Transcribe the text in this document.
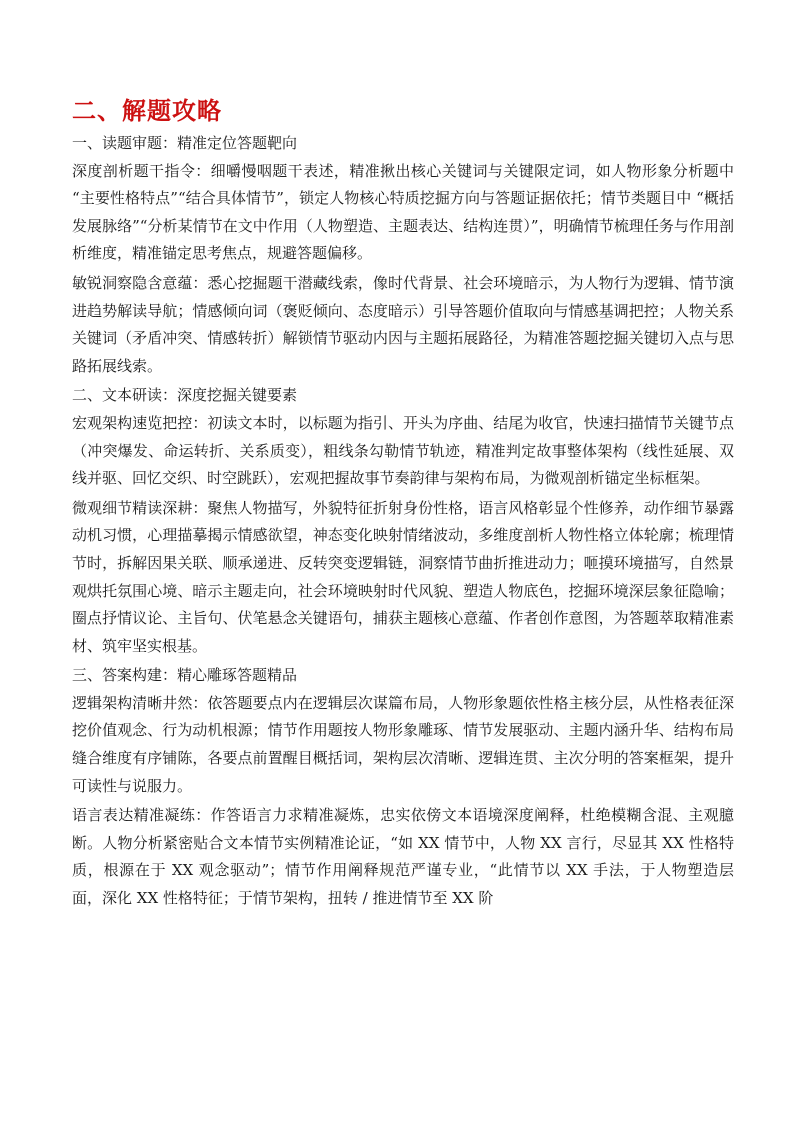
二、解题攻略
一、读题审题：精准定位答题靶向
深度剖析题干指令：细嚼慢咽题干表述，精准揪出核心关键词与关键限定词，如人物形象分析题中 “主要性格特点”“结合具体情节”，锁定人物核心特质挖掘方向与答题证据依托；情节类题目中 “概括发展脉络”“分析某情节在文中作用（人物塑造、主题表达、结构连贯）”，明确情节梳理任务与作用剖析维度，精准锚定思考焦点，规避答题偏移。
敏锐洞察隐含意蕴：悉心挖掘题干潜藏线索，像时代背景、社会环境暗示，为人物行为逻辑、情节演进趋势解读导航；情感倾向词（褒贬倾向、态度暗示）引导答题价值取向与情感基调把控；人物关系关键词（矛盾冲突、情感转折）解锁情节驱动内因与主题拓展路径，为精准答题挖掘关键切入点与思路拓展线索。
二、文本研读：深度挖掘关键要素
宏观架构速览把控：初读文本时，以标题为指引、开头为序曲、结尾为收官，快速扫描情节关键节点（冲突爆发、命运转折、关系质变），粗线条勾勒情节轨迹，精准判定故事整体架构（线性延展、双线并驱、回忆交织、时空跳跃），宏观把握故事节奏韵律与架构布局，为微观剖析锚定坐标框架。
微观细节精读深耕：聚焦人物描写，外貌特征折射身份性格，语言风格彰显个性修养，动作细节暴露动机习惯，心理描摹揭示情感欲望，神态变化映射情绪波动，多维度剖析人物性格立体轮廓；梳理情节时，拆解因果关联、顺承递进、反转突变逻辑链，洞察情节曲折推进动力；咂摸环境描写，自然景观烘托氛围心境、暗示主题走向，社会环境映射时代风貌、塑造人物底色，挖掘环境深层象征隐喻；圈点抒情议论、主旨句、伏笔悬念关键语句，捕获主题核心意蕴、作者创作意图，为答题萃取精准素材、筑牢坚实根基。
三、答案构建：精心雕琢答题精品
逻辑架构清晰井然：依答题要点内在逻辑层次谋篇布局，人物形象题依性格主核分层，从性格表征深挖价值观念、行为动机根源；情节作用题按人物形象雕琢、情节发展驱动、主题内涵升华、结构布局缝合维度有序铺陈，各要点前置醒目概括词，架构层次清晰、逻辑连贯、主次分明的答案框架，提升可读性与说服力。
语言表达精准凝练：作答语言力求精准凝炼，忠实依傍文本语境深度阐释，杜绝模糊含混、主观臆断。人物分析紧密贴合文本情节实例精准论证，“如 XX 情节中，人物 XX 言行，尽显其 XX 性格特质，根源在于 XX 观念驱动”；情节作用阐释规范严谨专业，“此情节以 XX 手法，于人物塑造层面，深化 XX 性格特征；于情节架构，扭转 / 推进情节至 XX 阶
